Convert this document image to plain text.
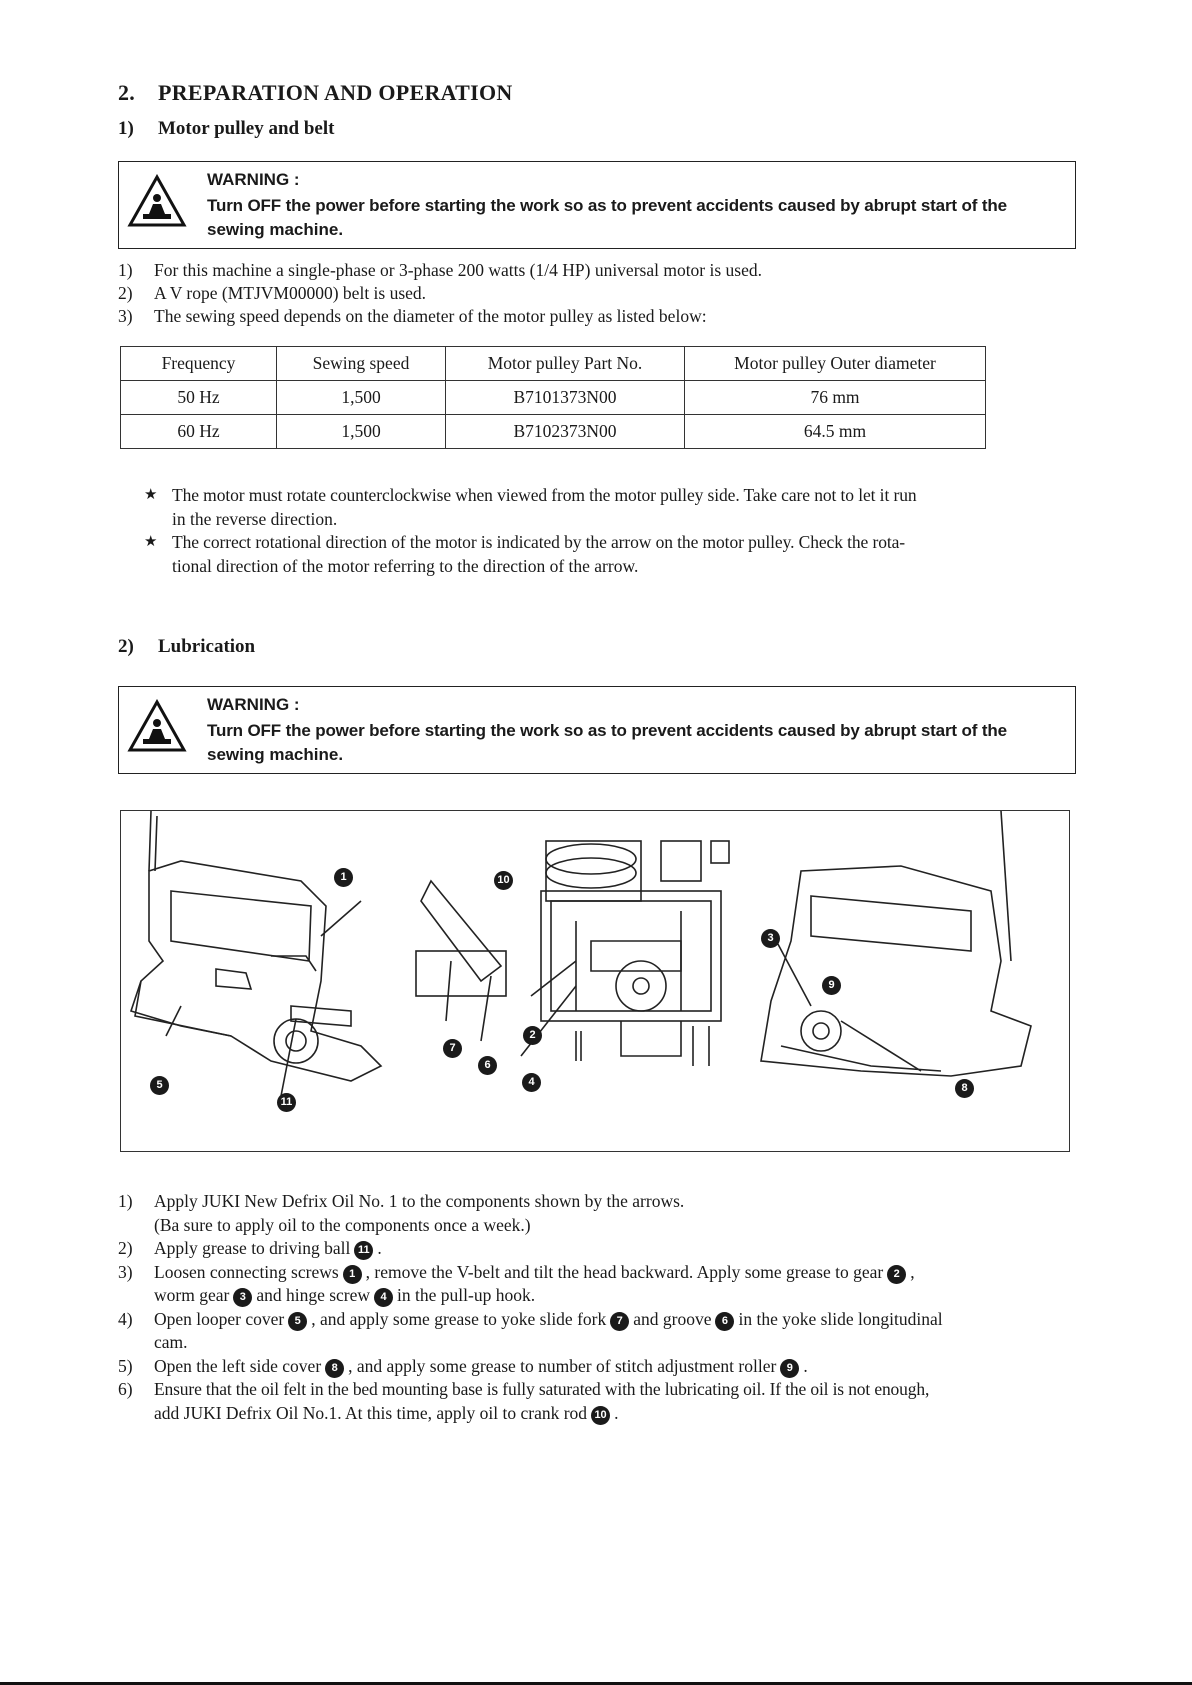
2. PREPARATION AND OPERATION
1) Motor pulley and belt
WARNING :
Turn OFF the power before starting the work so as to prevent accidents caused by abrupt start of the
sewing machine.
1) For this machine a single-phase or 3-phase 200 watts (1/4 HP) universal motor is used.
2) A V rope (MTJVM00000) belt is used.
3) The sewing speed depends on the diameter of the motor pulley as listed below:
Frequency	Sewing speed	Motor pulley Part No.	Motor pulley Outer diameter
50 Hz	1,500	B7101373N00	76 mm
60 Hz	1,500	B7102373N00	64.5 mm
★ The motor must rotate counterclockwise when viewed from the motor pulley side. Take care not to let it run
in the reverse direction.
★ The correct rotational direction of the motor is indicated by the arrow on the motor pulley. Check the rota-
tional direction of the motor referring to the direction of the arrow.
2) Lubrication
WARNING :
Turn OFF the power before starting the work so as to prevent accidents caused by abrupt start of the
sewing machine.
1
5
11
10
7
6
2
4
3
9
8
1) Apply JUKI New Defrix Oil No. 1 to the components shown by the arrows.
(Ba sure to apply oil to the components once a week.)
2) Apply grease to driving ball 11 .
3) Loosen connecting screws 1 , remove the V-belt and tilt the head backward. Apply some grease to gear 2 ,
worm gear 3 and hinge screw 4 in the pull-up hook.
4) Open looper cover 5 , and apply some grease to yoke slide fork 7 and groove 6 in the yoke slide longitudinal
cam.
5) Open the left side cover 8 , and apply some grease to number of stitch adjustment roller 9 .
6) Ensure that the oil felt in the bed mounting base is fully saturated with the lubricating oil. If the oil is not enough,
add JUKI Defrix Oil No.1. At this time, apply oil to crank rod 10 .
